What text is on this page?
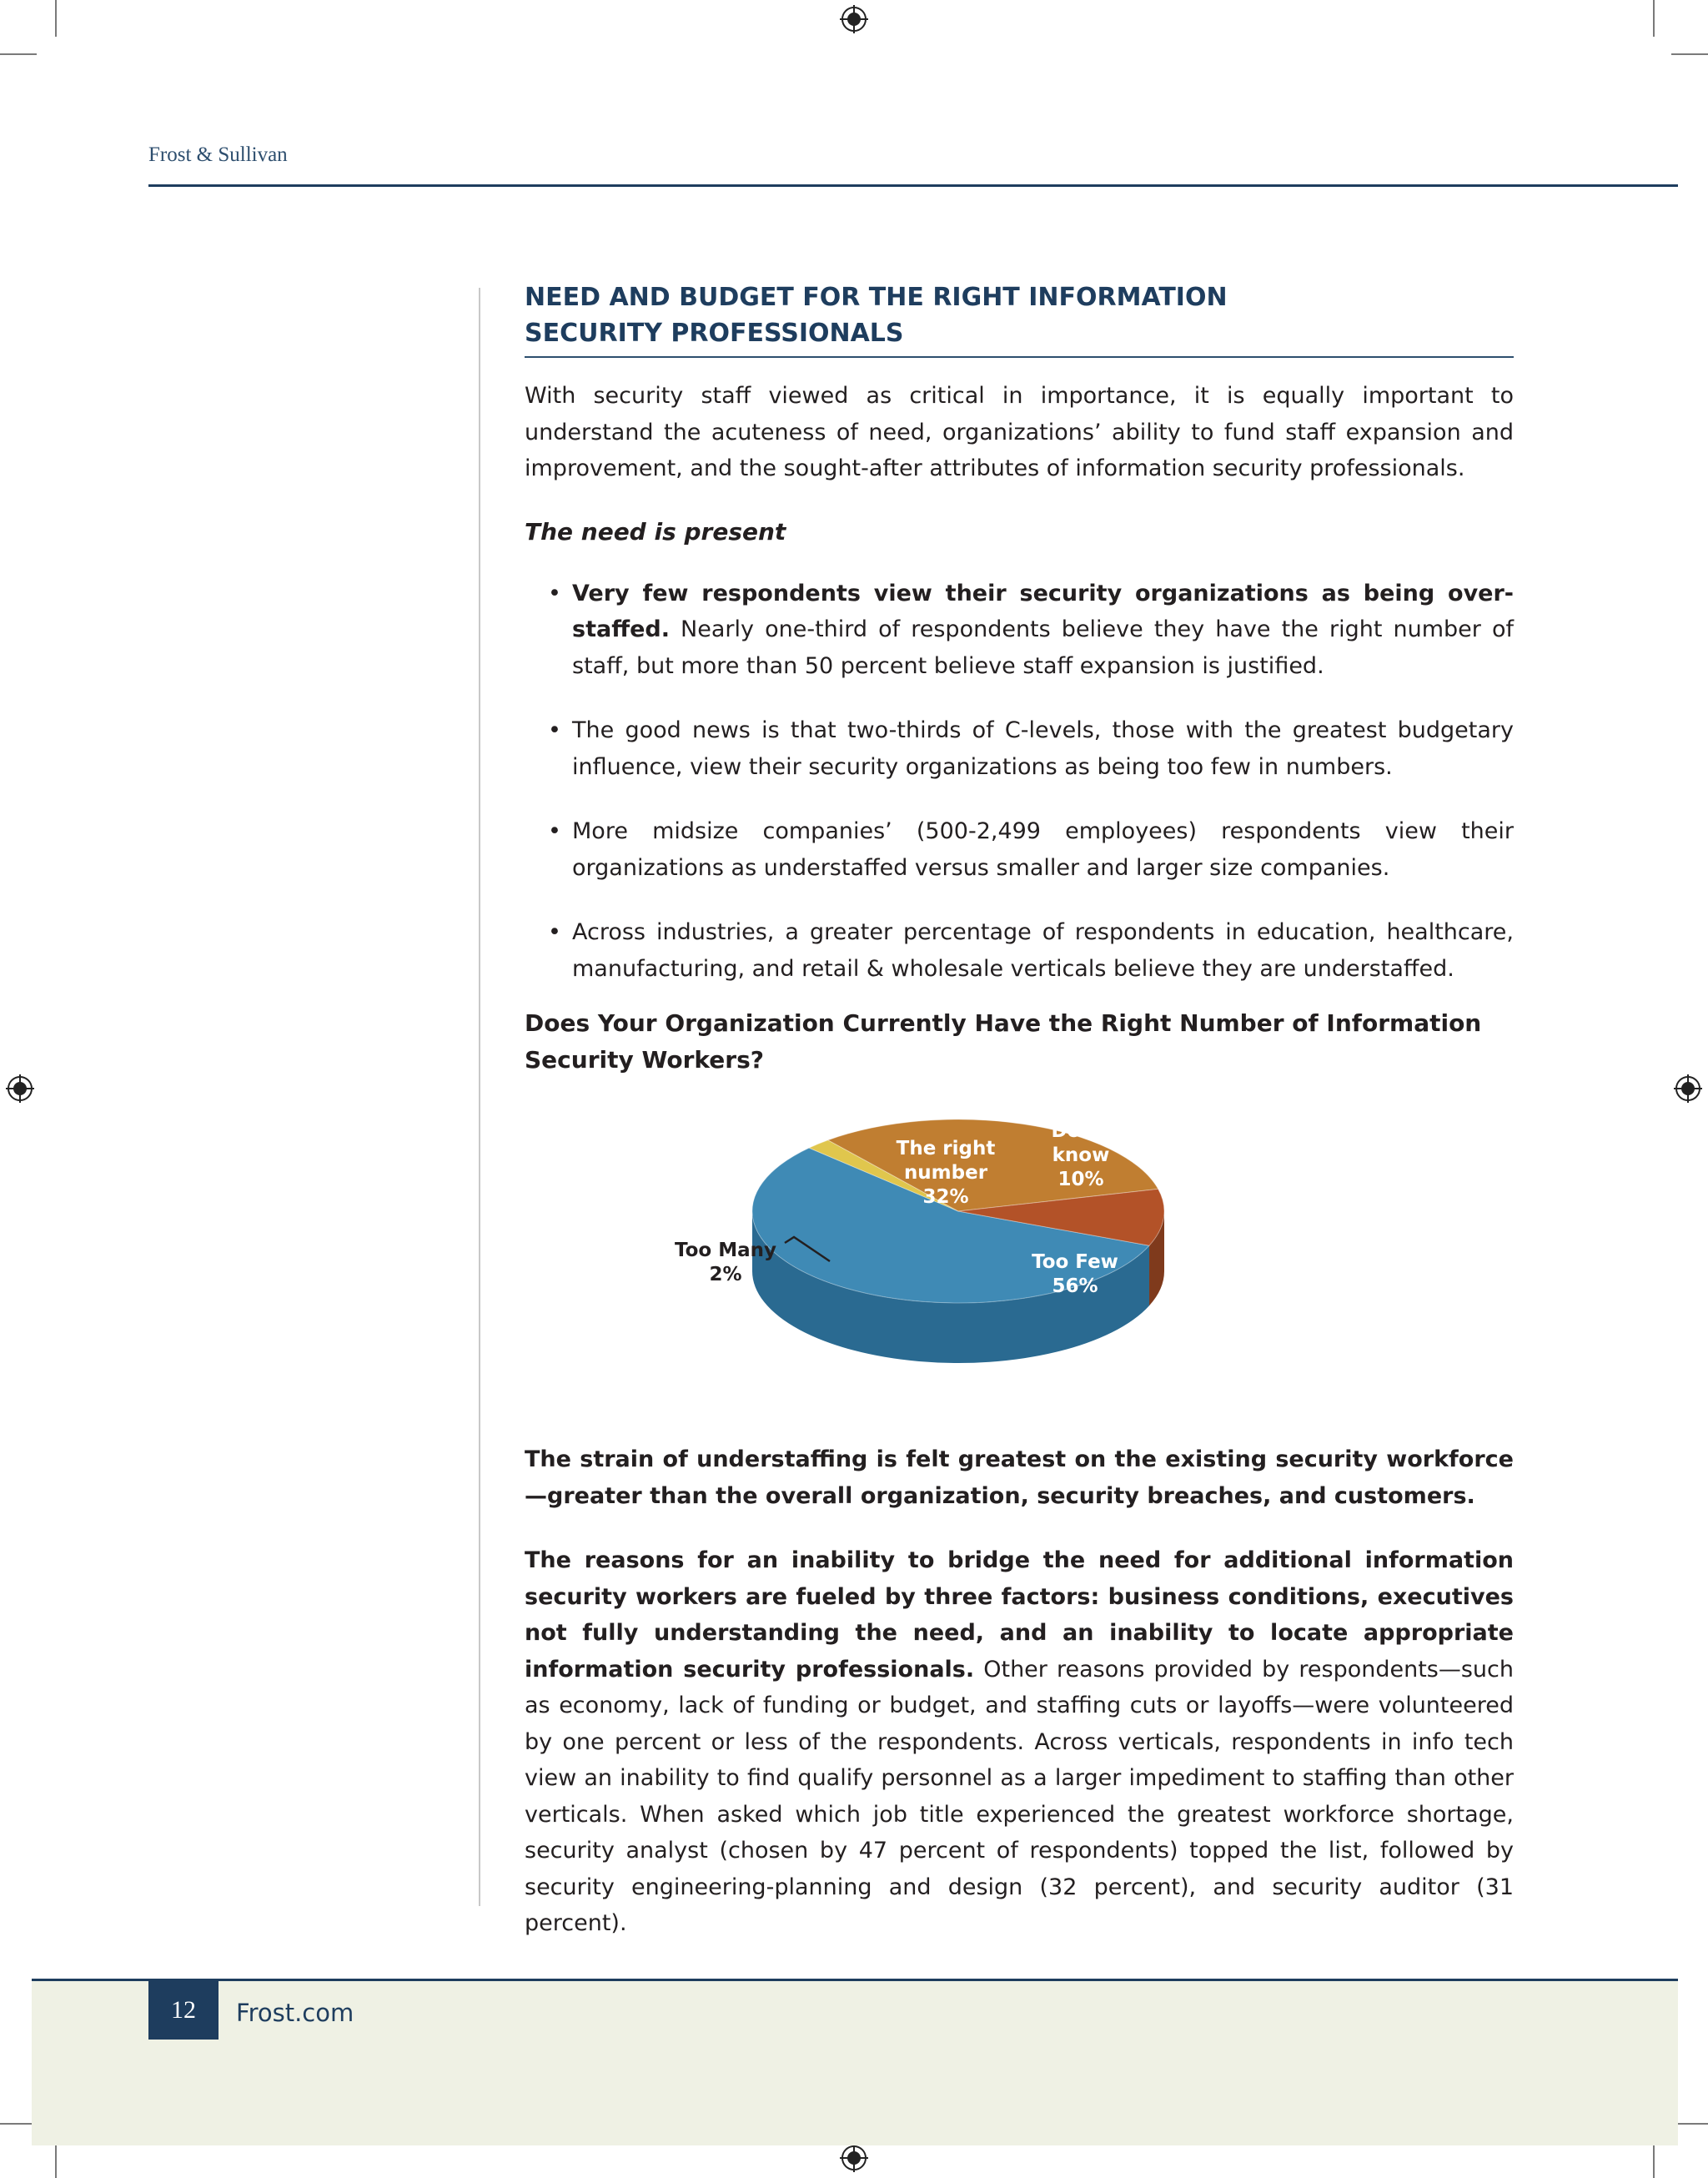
Frost & Sullivan
NEED AND BUDGET FOR THE RIGHT INFORMATION
SECURITY PROFESSIONALS

With security staff viewed as critical in importance, it is equally important to understand the acuteness of need, organizations’ ability to fund staff expansion and improvement, and the sought-after attributes of information security professionals.

The need is present
• Very few respondents view their security organizations as being over-staffed. Nearly one-third of respondents believe they have the right number of staff, but more than 50 percent believe staff expansion is justified.
• The good news is that two-thirds of C-levels, those with the greatest budgetary influence, view their security organizations as being too few in numbers.
• More midsize companies’ (500-2,499 employees) respondents view their organizations as understaffed versus smaller and larger size companies.
• Across industries, a greater percentage of respondents in education, healthcare, manufacturing, and retail & wholesale verticals believe they are understaffed.
Does Your Organization Currently Have the Right Number of Information
Security Workers?
Too Few 56%
Too Many 2%
The right number 32%
Don’t know 10%

The strain of understaffing is felt greatest on the existing security workforce—greater than the overall organization, security breaches, and customers.

The reasons for an inability to bridge the need for additional information security workers are fueled by three factors: business conditions, executives not fully understanding the need, and an inability to locate appropriate information security professionals. Other reasons provided by respondents—such as economy, lack of funding or budget, and staffing cuts or layoffs—were volunteered by one percent or less of the respondents. Across verticals, respondents in info tech view an inability to find qualify personnel as a larger impediment to staffing than other verticals. When asked which job title experienced the greatest workforce shortage, security analyst (chosen by 47 percent of respondents) topped the list, followed by security engineering-planning and design (32 percent), and security auditor (31 percent).

12	Frost.com
